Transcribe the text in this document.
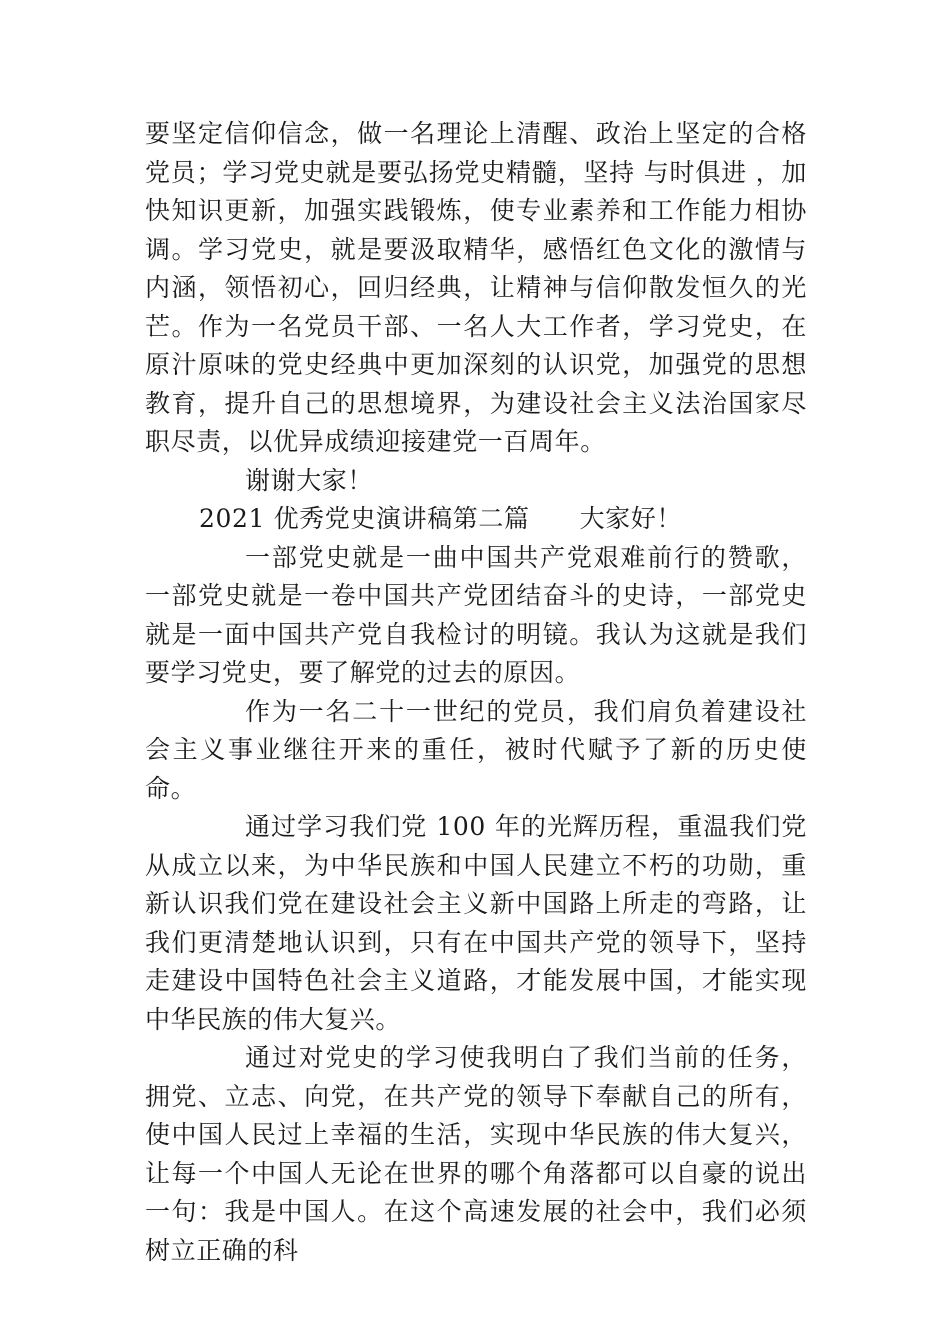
要坚定信仰信念，做一名理论上清醒、政治上坚定的合格党员；学习党史就是要弘扬党史精髓，坚持 与时俱进 ，加快知识更新，加强实践锻炼，使专业素养和工作能力相协调。学习党史，就是要汲取精华，感悟红色文化的激情与内涵，领悟初心，回归经典，让精神与信仰散发恒久的光芒。作为一名党员干部、一名人大工作者，学习党史，在原汁原味的党史经典中更加深刻的认识党，加强党的思想教育，提升自己的思想境界，为建设社会主义法治国家尽职尽责，以优异成绩迎接建党一百周年。

谢谢大家！

2021 优秀党史演讲稿第二篇 大家好！

一部党史就是一曲中国共产党艰难前行的赞歌，一部党史就是一卷中国共产党团结奋斗的史诗，一部党史就是一面中国共产党自我检讨的明镜。我认为这就是我们要学习党史，要了解党的过去的原因。

作为一名二十一世纪的党员，我们肩负着建设社会主义事业继往开来的重任，被时代赋予了新的历史使命。

通过学习我们党 100 年的光辉历程，重温我们党从成立以来，为中华民族和中国人民建立不朽的功勋，重新认识我们党在建设社会主义新中国路上所走的弯路，让我们更清楚地认识到，只有在中国共产党的领导下，坚持走建设中国特色社会主义道路，才能发展中国，才能实现中华民族的伟大复兴。

通过对党史的学习使我明白了我们当前的任务，拥党、立志、向党，在共产党的领导下奉献自己的所有，使中国人民过上幸福的生活，实现中华民族的伟大复兴，让每一个中国人无论在世界的哪个角落都可以自豪的说出一句：我是中国人。在这个高速发展的社会中，我们必须树立正确的科
